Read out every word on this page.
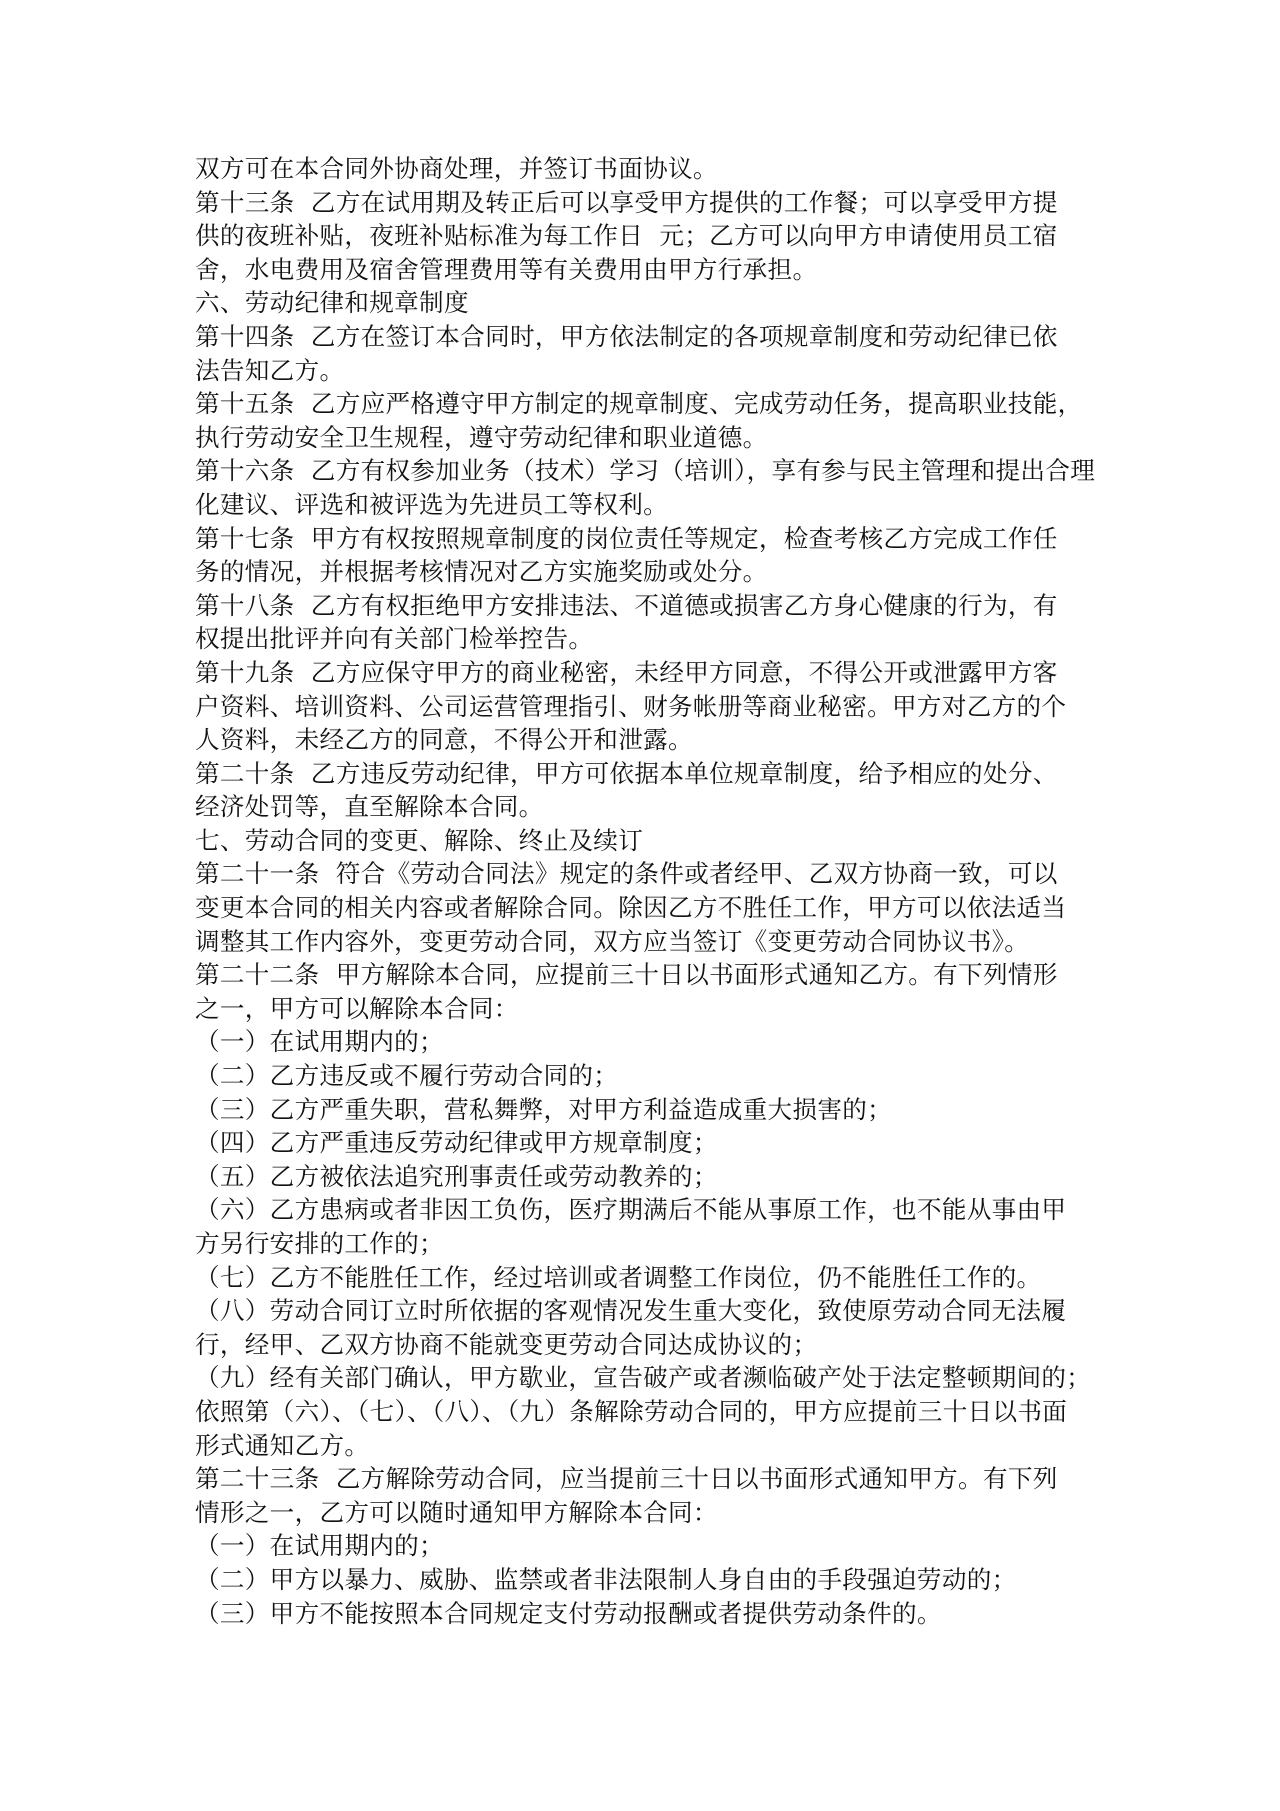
双方可在本合同外协商处理，并签订书面协议。
第十三条  乙方在试用期及转正后可以享受甲方提供的工作餐；可以享受甲方提
供的夜班补贴，夜班补贴标准为每工作日  元；乙方可以向甲方申请使用员工宿
舍，水电费用及宿舍管理费用等有关费用由甲方行承担。
六、劳动纪律和规章制度
第十四条  乙方在签订本合同时，甲方依法制定的各项规章制度和劳动纪律已依
法告知乙方。
第十五条  乙方应严格遵守甲方制定的规章制度、完成劳动任务，提高职业技能，
执行劳动安全卫生规程，遵守劳动纪律和职业道德。
第十六条  乙方有权参加业务（技术）学习（培训），享有参与民主管理和提出合理
化建议、评选和被评选为先进员工等权利。
第十七条  甲方有权按照规章制度的岗位责任等规定，检查考核乙方完成工作任
务的情况，并根据考核情况对乙方实施奖励或处分。
第十八条  乙方有权拒绝甲方安排违法、不道德或损害乙方身心健康的行为，有
权提出批评并向有关部门检举控告。
第十九条  乙方应保守甲方的商业秘密，未经甲方同意，不得公开或泄露甲方客
户资料、培训资料、公司运营管理指引、财务帐册等商业秘密。甲方对乙方的个
人资料，未经乙方的同意，不得公开和泄露。
第二十条  乙方违反劳动纪律，甲方可依据本单位规章制度，给予相应的处分、
经济处罚等，直至解除本合同。
七、劳动合同的变更、解除、终止及续订
第二十一条  符合《劳动合同法》规定的条件或者经甲、乙双方协商一致，可以
变更本合同的相关内容或者解除合同。除因乙方不胜任工作，甲方可以依法适当
调整其工作内容外，变更劳动合同，双方应当签订《变更劳动合同协议书》。
第二十二条  甲方解除本合同，应提前三十日以书面形式通知乙方。有下列情形
之一，甲方可以解除本合同：
（一）在试用期内的；
（二）乙方违反或不履行劳动合同的；
（三）乙方严重失职，营私舞弊，对甲方利益造成重大损害的；
（四）乙方严重违反劳动纪律或甲方规章制度；
（五）乙方被依法追究刑事责任或劳动教养的；
（六）乙方患病或者非因工负伤，医疗期满后不能从事原工作，也不能从事由甲
方另行安排的工作的；
（七）乙方不能胜任工作，经过培训或者调整工作岗位，仍不能胜任工作的。
（八）劳动合同订立时所依据的客观情况发生重大变化，致使原劳动合同无法履
行，经甲、乙双方协商不能就变更劳动合同达成协议的；
（九）经有关部门确认，甲方歇业，宣告破产或者濒临破产处于法定整顿期间的；
依照第（六）、（七）、（八）、（九）条解除劳动合同的，甲方应提前三十日以书面
形式通知乙方。
第二十三条  乙方解除劳动合同，应当提前三十日以书面形式通知甲方。有下列
情形之一，乙方可以随时通知甲方解除本合同：
（一）在试用期内的；
（二）甲方以暴力、威胁、监禁或者非法限制人身自由的手段强迫劳动的；
（三）甲方不能按照本合同规定支付劳动报酬或者提供劳动条件的。
